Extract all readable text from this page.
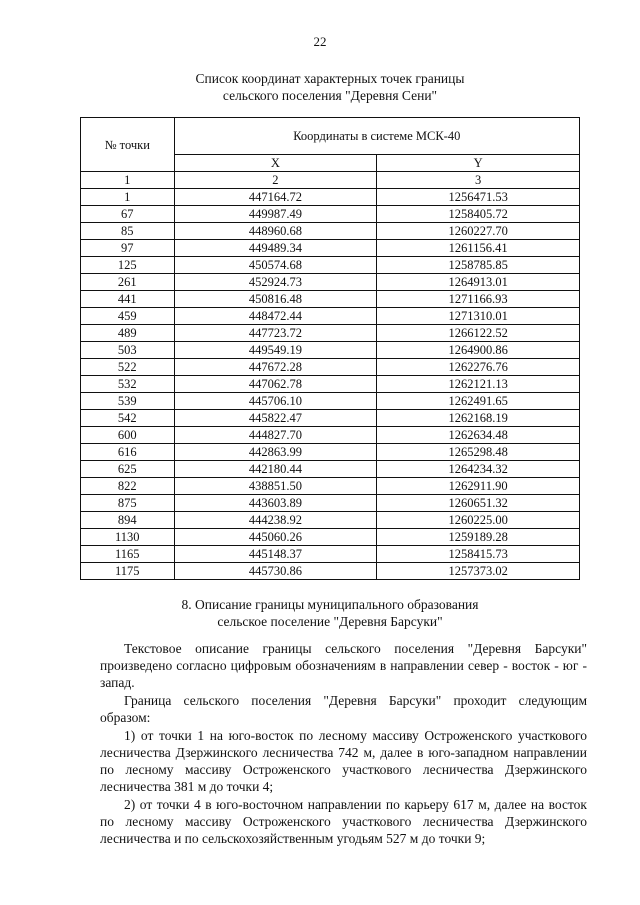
22
Список координат характерных точек границы
сельского поселения "Деревня Сени"
№ точки	Координаты в системе МСК-40	
	X	Y
1	2	3
1	447164.72	1256471.53
67	449987.49	1258405.72
85	448960.68	1260227.70
97	449489.34	1261156.41
125	450574.68	1258785.85
261	452924.73	1264913.01
441	450816.48	1271166.93
459	448472.44	1271310.01
489	447723.72	1266122.52
503	449549.19	1264900.86
522	447672.28	1262276.76
532	447062.78	1262121.13
539	445706.10	1262491.65
542	445822.47	1262168.19
600	444827.70	1262634.48
616	442863.99	1265298.48
625	442180.44	1264234.32
822	438851.50	1262911.90
875	443603.89	1260651.32
894	444238.92	1260225.00
1130	445060.26	1259189.28
1165	445148.37	1258415.73
1175	445730.86	1257373.02
8. Описание границы муниципального образования
сельское поселение "Деревня Барсуки"

Текстовое описание границы сельского поселения "Деревня Барсуки" произведено согласно цифровым обозначениям в направлении север - восток - юг - запад.

Граница сельского поселения "Деревня Барсуки" проходит следующим образом:

1) от точки 1 на юго-восток по лесному массиву Остроженского участкового лесничества Дзержинского лесничества 742 м, далее в юго-западном направлении по лесному массиву Остроженского участкового лесничества Дзержинского лесничества 381 м до точки 4;

2) от точки 4 в юго-восточном направлении по карьеру 617 м, далее на восток по лесному массиву Остроженского участкового лесничества Дзержинского лесничества и по сельскохозяйственным угодьям 527 м до точки 9;
